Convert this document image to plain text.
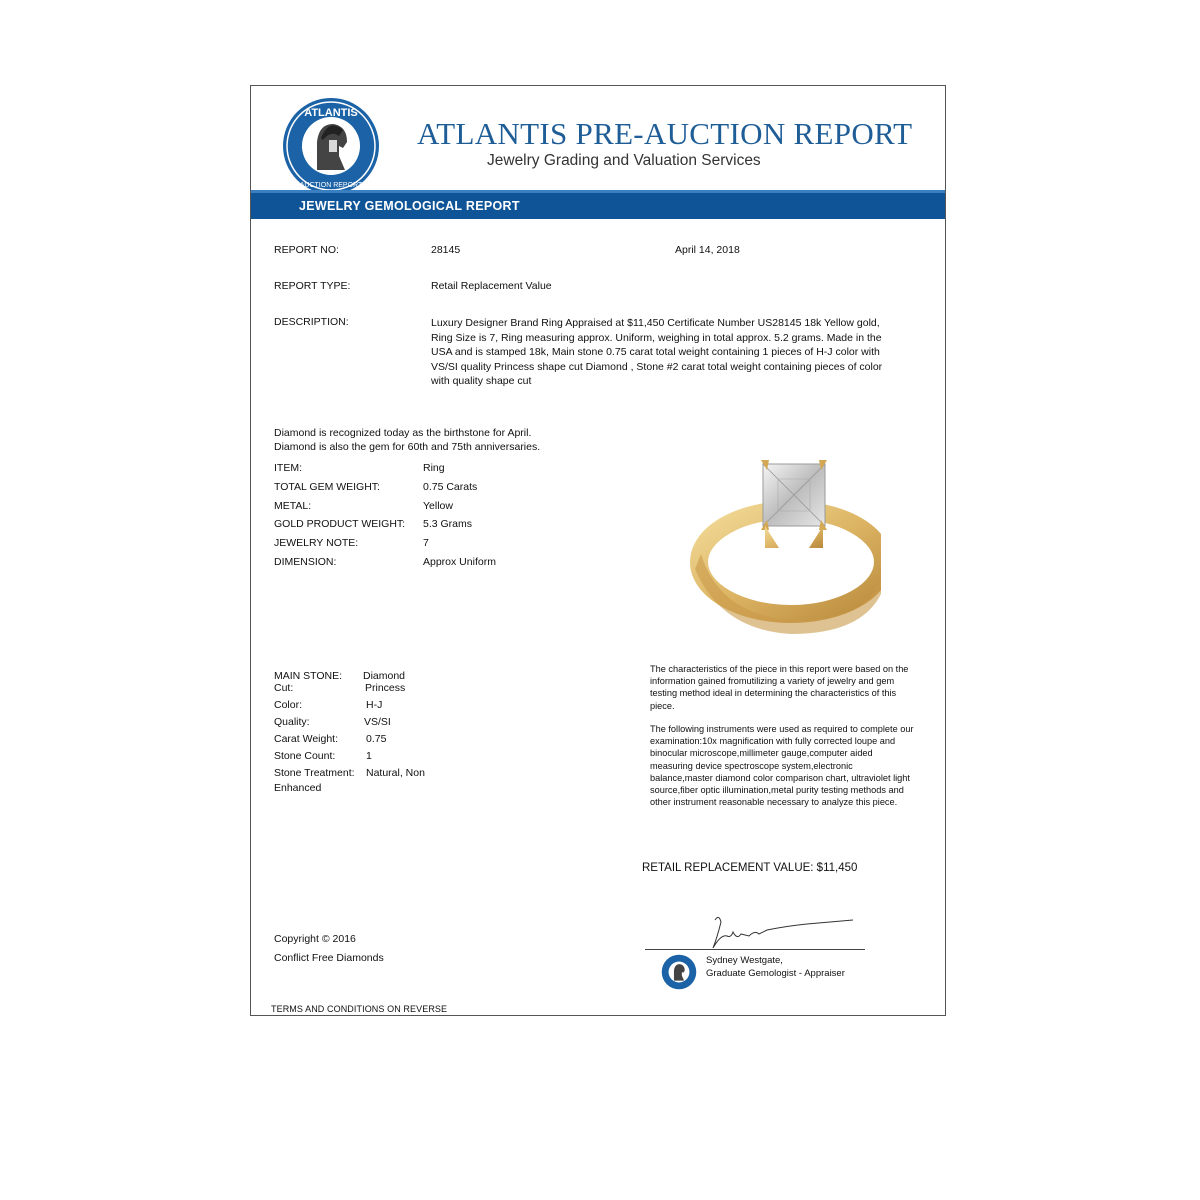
ATLANTIS
AUCTION REPORT
★	★ ATLANTIS PRE-AUCTION REPORT
Jewelry Grading and Valuation Services
JEWELRY GEMOLOGICAL REPORT
REPORT NO:	28145	April 14, 2018
REPORT TYPE:	Retail Replacement Value
DESCRIPTION:	Luxury Designer Brand Ring Appraised at $11,450 Certificate Number US28145 18k Yellow gold, Ring Size is 7, Ring measuring approx. Uniform, weighing in total approx. 5.2 grams. Made in the USA and is stamped 18k, Main stone 0.75 carat total weight containing 1 pieces of H-J color with VS/SI quality Princess shape cut Diamond , Stone #2 carat total weight containing pieces of color with quality shape cut
Diamond is recognized today as the birthstone for April.
Diamond is also the gem for 60th and 75th anniversaries.
ITEM:	Ring
TOTAL GEM WEIGHT:	0.75 Carats
METAL:	Yellow
GOLD PRODUCT WEIGHT: 5.3 Grams
JEWELRY NOTE:	7
DIMENSION:	Approx Uniform
MAIN STONE: Diamond
Cut:	Princess
Color:	H-J
Quality:	VS/SI
Carat Weight:	0.75
Stone Count:	1
Stone Treatment: Natural, Non
Enhanced
The characteristics of the piece in this report were based on the information gained fromutilizing a variety of jewelry and gem testing method ideal in determining the characteristics of this piece.
The following instruments were used as required to complete our examination:10x magnification with fully corrected loupe and binocular microscope,millimeter gauge,computer aided measuring device spectroscope system,electronic balance,master diamond color comparison chart, ultraviolet light source,fiber optic illumination,metal purity testing methods and other instrument reasonable necessary to analyze this piece.
RETAIL REPLACEMENT VALUE: $11,450
Copyright © 2016
Conflict Free Diamonds	Sydney Westgate,
Graduate Gemologist - Appraiser
TERMS AND CONDITIONS ON REVERSE
